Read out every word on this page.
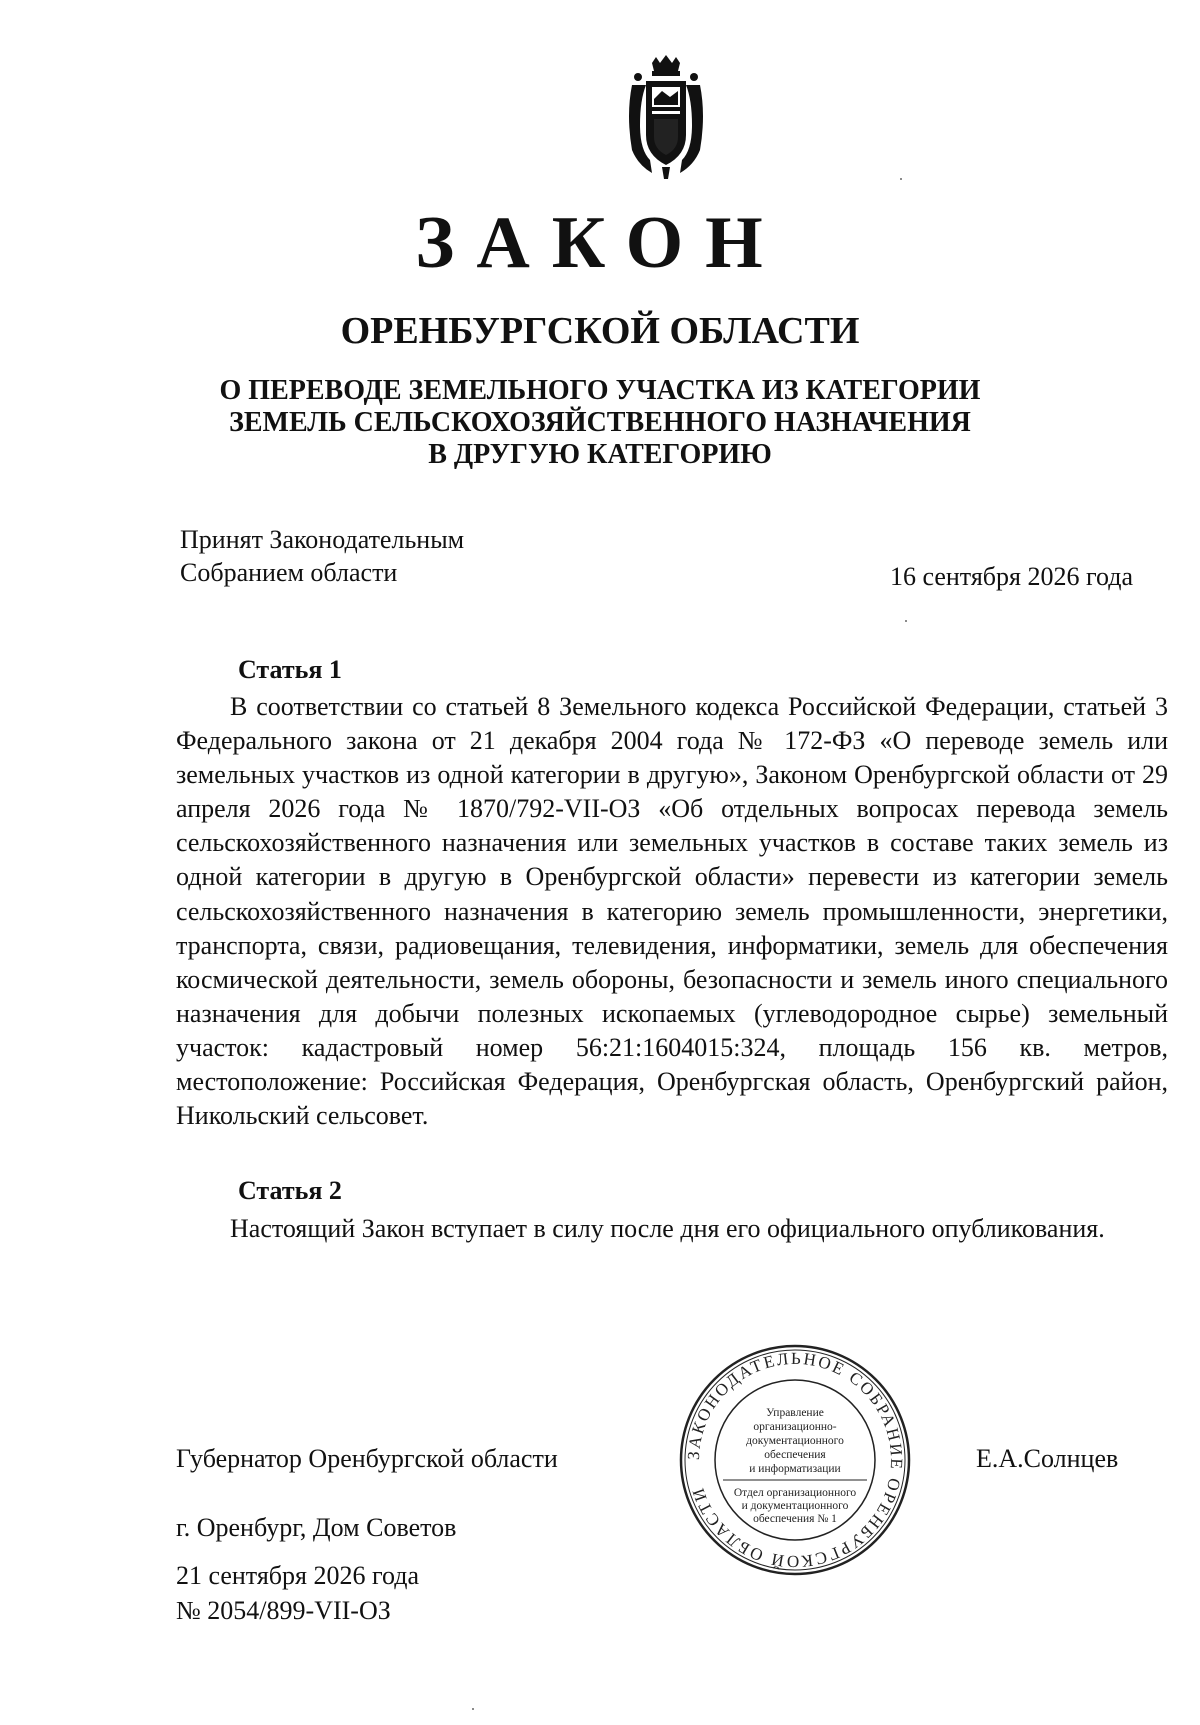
ЗАКОН
ОРЕНБУРГСКОЙ ОБЛАСТИ
О ПЕРЕВОДЕ ЗЕМЕЛЬНОГО УЧАСТКА ИЗ КАТЕГОРИИ
ЗЕМЕЛЬ СЕЛЬСКОХОЗЯЙСТВЕННОГО НАЗНАЧЕНИЯ
В ДРУГУЮ КАТЕГОРИЮ
Принят Законодательным
Собранием области	16 сентября 2026 года
Статья 1
В соответствии со статьей 8 Земельного кодекса Российской Федерации, статьей 3 Федерального закона от 21 декабря 2004 года № 172-ФЗ «О переводе земель или земельных участков из одной категории в другую», Законом Оренбургской области от 29 апреля 2026 года № 1870/792-VII-ОЗ «Об отдельных вопросах перевода земель сельскохозяйственного назначения или земельных участков в составе таких земель из одной категории в другую в Оренбургской области» перевести из категории земель сельскохозяйственного назначения в категорию земель промышленности, энергетики, транспорта, связи, радиовещания, телевидения, информатики, земель для обеспечения космической деятельности, земель обороны, безопасности и земель иного специального назначения для добычи полезных ископаемых (углеводородное сырье) земельный участок: кадастровый номер 56:21:1604015:324, площадь 156 кв. метров, местоположение: Российская Федерация, Оренбургская область, Оренбургский район, Никольский сельсовет.
Статья 2
Настоящий Закон вступает в силу после дня его официального опубликования.
ЗАКОНОДАТЕЛЬНОЕ СОБРАНИЕ ОРЕНБУРГСКОЙ ОБЛАСТИ
Управление
организационно-
документационного
обеспечения
и информатизации
Отдел организационного
и документационного
обеспечения № 1
Губернатор Оренбургской области	Е.А.Солнцев
г. Оренбург, Дом Советов
21 сентября 2026 года
№ 2054/899-VII-ОЗ
